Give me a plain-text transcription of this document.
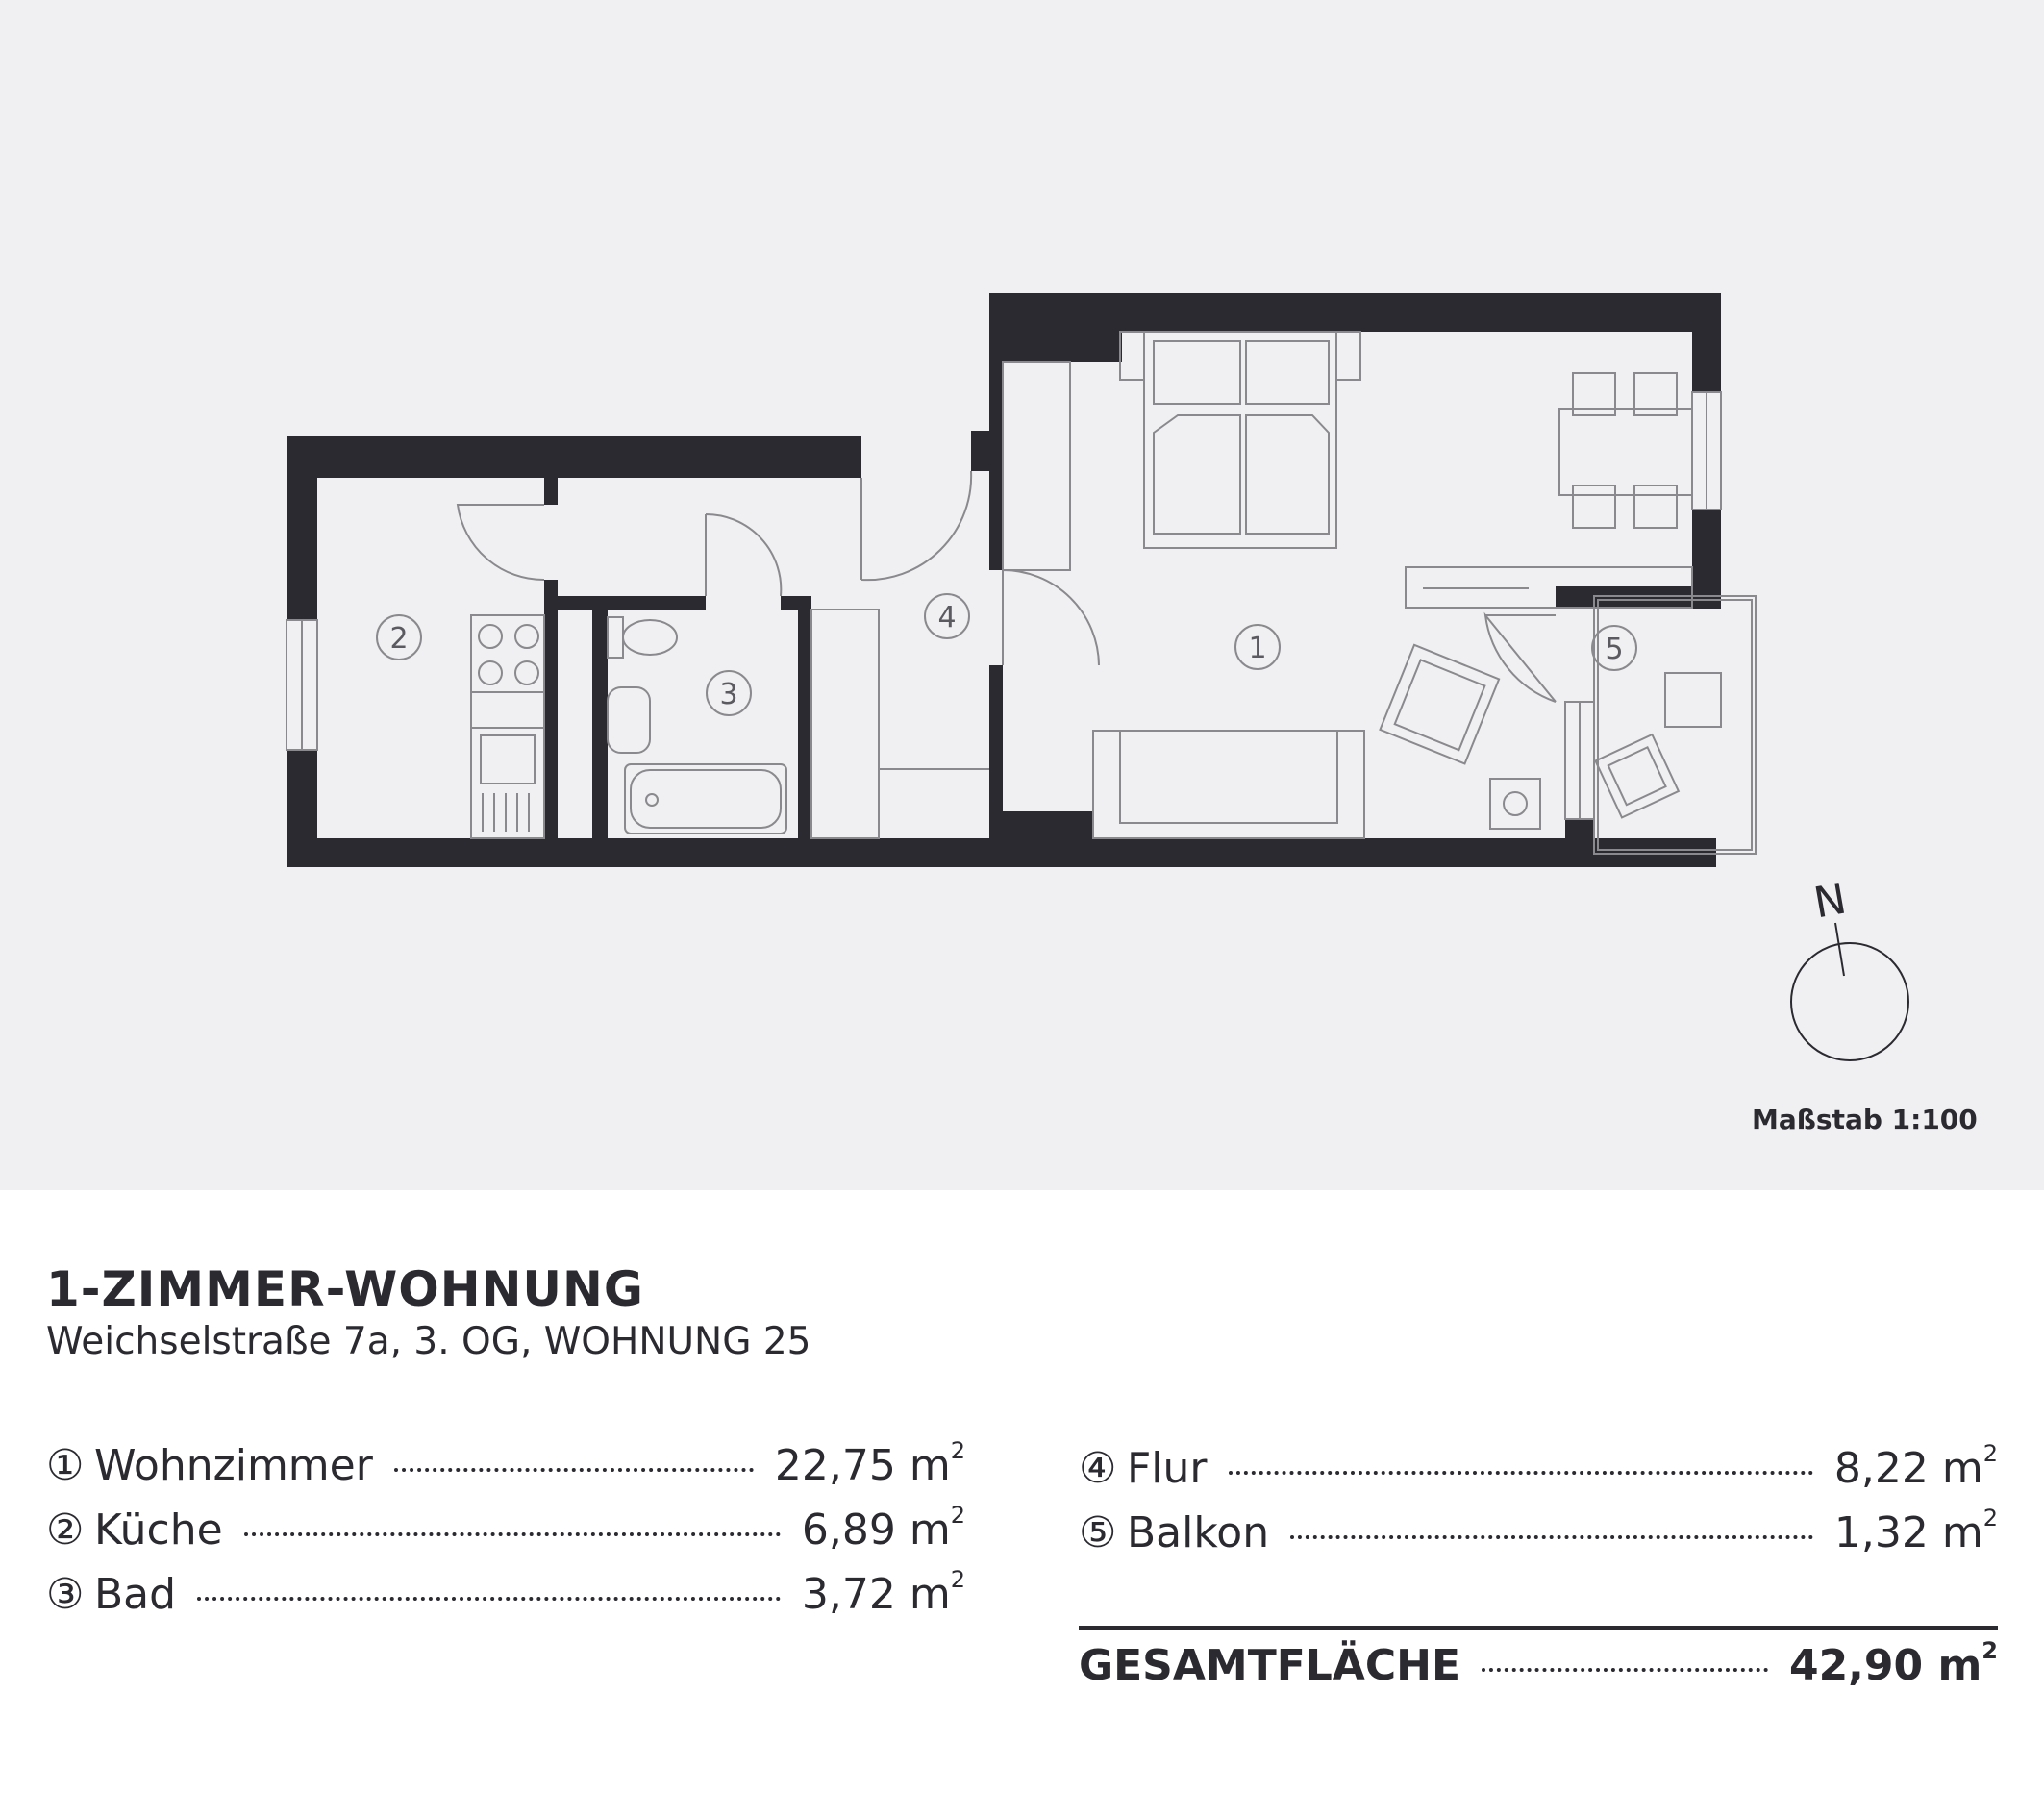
1
2
3
4
5
N
Maßstab 1:100
1-ZIMMER-WOHNUNG

Weichselstraße 7a, 3. OG, WOHNUNG 25

① Wohnzimmer	22,75 $m^2$
② Küche	6,89 $m^2$
③ Bad	3,72 $m^2$
④ Flur	8,22 $m^2$
⑤ Balkon	1,32 $m^2$
GESAMTFLÄCHE	42,90 $m^2$
